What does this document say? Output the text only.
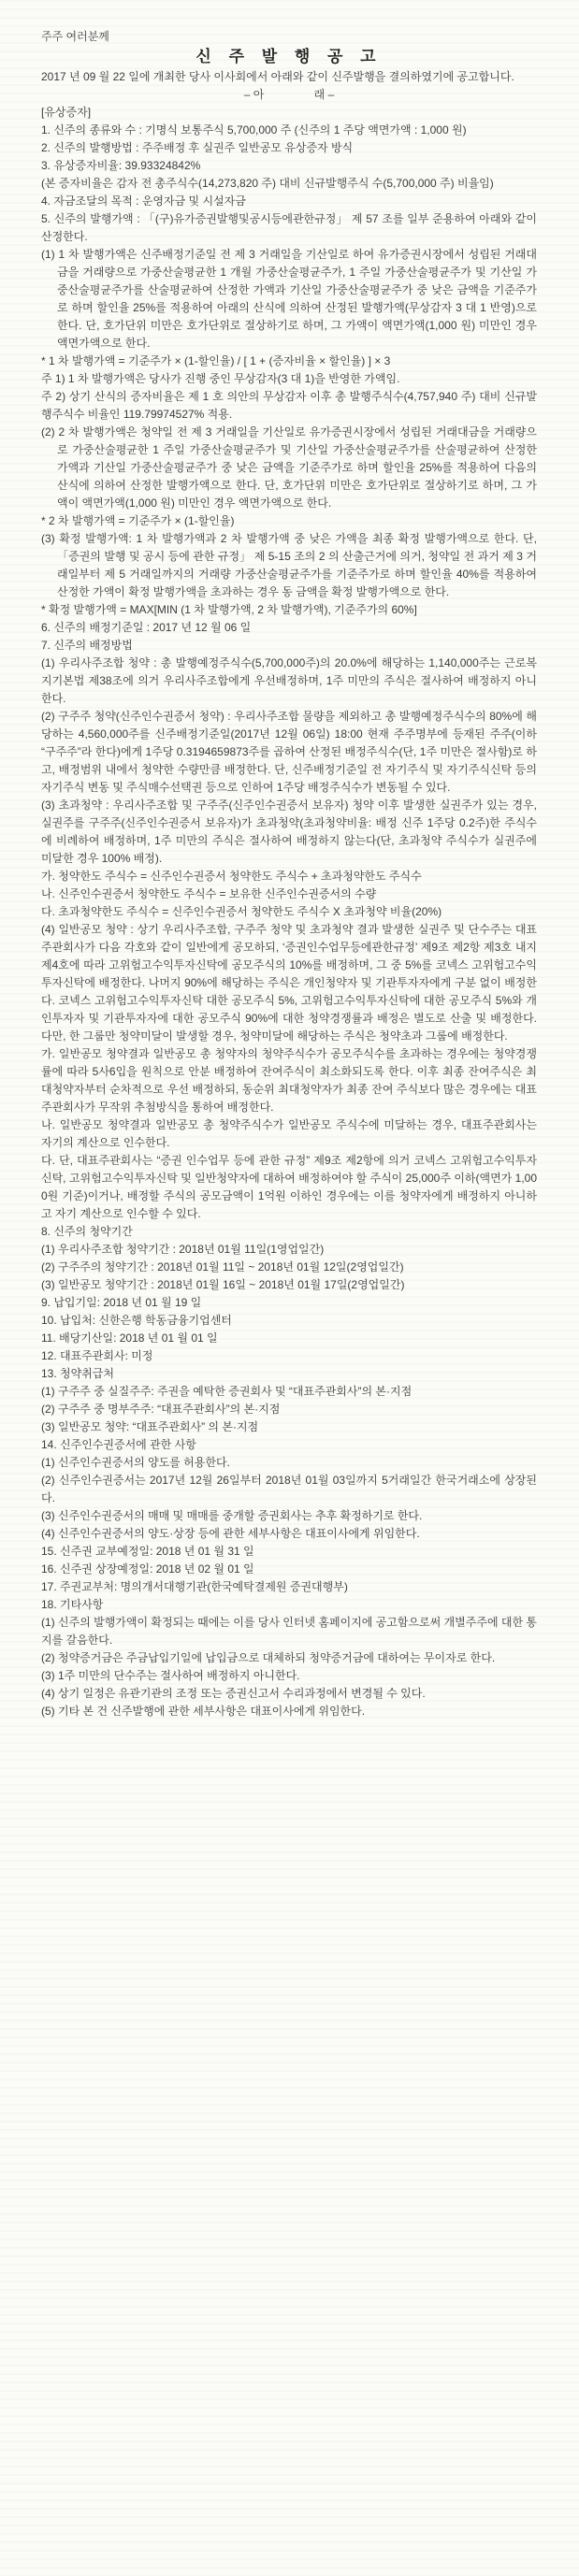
주주 여러분께

신 주 발 행 공 고

2017 년 09 월 22 일에 개최한 당사 이사회에서 아래와 같이 신주발행을 결의하였기에 공고합니다.

– 아                래 –

[유상증자]

1. 신주의 종류와 수 : 기명식 보통주식 5,700,000 주 (신주의 1 주당 액면가액 : 1,000 원)

2. 신주의 발행방법 : 주주배정 후 실권주 일반공모 유상증자 방식

3. 유상증자비율: 39.93324842%

(본 증자비율은 감자 전 총주식수(14,273,820 주) 대비 신규발행주식 수(5,700,000 주) 비율임)

4. 자금조달의 목적 : 운영자금 및 시설자금

5. 신주의 발행가액 : 「(구)유가증권발행및공시등에관한규정」 제 57 조를 일부 준용하여 아래와 같이 산정한다.

(1) 1 차 발행가액은 신주배정기준일 전 제 3 거래일을 기산일로 하여 유가증권시장에서 성립된 거래대금을 거래량으로 가중산술평균한 1 개월 가중산술평균주가, 1 주일 가중산술평균주가 및 기산일 가중산술평균주가를 산술평균하여 산정한 가액과 기산일 가중산술평균주가 중 낮은 금액을 기준주가로 하며 할인율 25%를 적용하여 아래의 산식에 의하여 산정된 발행가액(무상감자 3 대 1 반영)으로 한다. 단, 호가단위 미만은 호가단위로 절상하기로 하며, 그 가액이 액면가액(1,000 원) 미만인 경우 액면가액으로 한다.

* 1 차 발행가액 = 기준주가 × (1-할인율) / [ 1 + (증자비율 × 할인율) ] × 3

주 1) 1 차 발행가액은 당사가 진행 중인 무상감자(3 대 1)을 반영한 가액임.

주 2) 상기 산식의 증자비율은 제 1 호 의안의 무상감자 이후 총 발행주식수(4,757,940 주) 대비 신규발행주식수 비율인 119.79974527% 적용.

(2) 2 차 발행가액은 청약일 전 제 3 거래일을 기산일로 유가증권시장에서 성립된 거래대금을 거래량으로 가중산술평균한 1 주일 가중산술평균주가 및 기산일 가중산술평균주가를 산술평균하여 산정한 가액과 기산일 가중산술평균주가 중 낮은 금액을 기준주가로 하며 할인율 25%를 적용하여 다음의 산식에 의하여 산정한 발행가액으로 한다. 단, 호가단위 미만은 호가단위로 절상하기로 하며, 그 가액이 액면가액(1,000 원) 미만인 경우 액면가액으로 한다.

* 2 차 발행가액 = 기준주가 × (1-할인율)

(3) 확정 발행가액: 1 차 발행가액과 2 차 발행가액 중 낮은 가액을 최종 확정 발행가액으로 한다. 단, 「증권의 발행 및 공시 등에 관한 규정」 제 5-15 조의 2 의 산출근거에 의거, 청약일 전 과거 제 3 거래일부터 제 5 거래일까지의 거래량 가중산술평균주가를 기준주가로 하며 할인율 40%를 적용하여 산정한 가액이 확정 발행가액을 초과하는 경우 동 금액을 확정 발행가액으로 한다.

* 확정 발행가액 = MAX[MIN (1 차 발행가액, 2 차 발행가액), 기준주가의 60%]

6. 신주의 배정기준일 : 2017 년 12 월 06 일

7. 신주의 배정방법

(1) 우리사주조합 청약 : 총 발행예정주식수(5,700,000주)의 20.0%에 해당하는 1,140,000주는 근로복지기본법 제38조에 의거 우리사주조합에게 우선배정하며, 1주 미만의 주식은 절사하여 배정하지 아니한다.

(2) 구주주 청약(신주인수권증서 청약) : 우리사주조합 물량을 제외하고 총 발행예정주식수의 80%에 해당하는 4,560,000주를 신주배정기준일(2017년 12월 06일) 18:00 현재 주주명부에 등재된 주주(이하 “구주주”라 한다)에게 1주당 0.3194659873주를 곱하여 산정된 배정주식수(단, 1주 미만은 절사함)로 하고, 배정범위 내에서 청약한 수량만큼 배정한다. 단, 신주배정기준일 전 자기주식 및 자기주식신탁 등의 자기주식 변동 및 주식매수선택권 등으로 인하여 1주당 배정주식수가 변동될 수 있다.

(3) 초과청약 : 우리사주조합 및 구주주(신주인수권증서 보유자) 청약 이후 발생한 실권주가 있는 경우, 실권주를 구주주(신주인수권증서 보유자)가 초과청약(초과청약비율: 배정 신주 1주당 0.2주)한 주식수에 비례하여 배정하며, 1주 미만의 주식은 절사하여 배정하지 않는다(단, 초과청약 주식수가 실권주에 미달한 경우 100% 배정).

가. 청약한도 주식수 = 신주인수권증서 청약한도 주식수 + 초과청약한도 주식수

나. 신주인수권증서 청약한도 주식수 = 보유한 신주인수권증서의 수량

다. 초과청약한도 주식수 = 신주인수권증서 청약한도 주식수 X 초과청약 비율(20%)

(4) 일반공모 청약 : 상기 우리사주조합, 구주주 청약 및 초과청약 결과 발생한 실권주 및 단수주는 대표주관회사가 다음 각호와 같이 일반에게 공모하되, ‘증권인수업무등에관한규정’ 제9조 제2항 제3호 내지 제4호에 따라 고위험고수익투자신탁에 공모주식의 10%를 배정하며, 그 중 5%를 코넥스 고위험고수익투자신탁에 배정한다. 나머지 90%에 해당하는 주식은 개인청약자 및 기관투자자에게 구분 없이 배정한다. 코넥스 고위험고수익투자신탁 대한 공모주식 5%, 고위험고수익투자신탁에 대한 공모주식 5%와 개인투자자 및 기관투자자에 대한 공모주식 90%에 대한 청약경쟁률과 배정은 별도로 산출 및 배정한다. 다만, 한 그룹만 청약미달이 발생할 경우, 청약미달에 해당하는 주식은 청약초과 그룹에 배정한다.

가. 일반공모 청약결과 일반공모 총 청약자의 청약주식수가 공모주식수를 초과하는 경우에는 청약경쟁률에 따라 5사6입을 원칙으로 안분 배정하여 잔여주식이 최소화되도록 한다. 이후 최종 잔여주식은 최대청약자부터 순차적으로 우선 배정하되, 동순위 최대청약자가 최종 잔여 주식보다 많은 경우에는 대표주관회사가 무작위 추첨방식을 통하여 배정한다.

나. 일반공모 청약결과 일반공모 총 청약주식수가 일반공모 주식수에 미달하는 경우, 대표주관회사는 자기의 계산으로 인수한다.

다. 단, 대표주관회사는 “증권 인수업무 등에 관한 규정” 제9조 제2항에 의거 코넥스 고위험고수익투자신탁, 고위험고수익투자신탁 및 일반청약자에 대하여 배정하여야 할 주식이 25,000주 이하(액면가 1,000원 기준)이거나, 배정할 주식의 공모금액이 1억원 이하인 경우에는 이를 청약자에게 배정하지 아니하고 자기 계산으로 인수할 수 있다.

8. 신주의 청약기간

(1) 우리사주조합 청약기간 : 2018년 01월 11일(1영업일간)

(2) 구주주의 청약기간 : 2018년 01월 11일 ~ 2018년 01월 12일(2영업일간)

(3) 일반공모 청약기간 : 2018년 01월 16일 ~ 2018년 01월 17일(2영업일간)

9. 납입기일: 2018 년 01 월 19 일

10. 납입처: 신한은행 학동금융기업센터

11. 배당기산일: 2018 년 01 월 01 일

12. 대표주관회사: 미정

13. 청약취급처

(1) 구주주 중 실질주주: 주권을 예탁한 증권회사 및 “대표주관회사”의 본·지점

(2) 구주주 중 명부주주: “대표주관회사”의 본·지점

(3) 일반공모 청약: “대표주관회사” 의 본·지점

14. 신주인수권증서에 관한 사항

(1) 신주인수권증서의 양도를 허용한다.

(2) 신주인수권증서는 2017년 12월 26일부터 2018년 01월 03일까지 5거래일간 한국거래소에 상장된다.

(3) 신주인수권증서의 매매 및 매매를 중개할 증권회사는 추후 확정하기로 한다.

(4) 신주인수권증서의 양도·상장 등에 관한 세부사항은 대표이사에게 위임한다.

15. 신주권 교부예정일: 2018 년 01 월 31 일

16. 신주권 상장예정일: 2018 년 02 월 01 일

17. 주권교부처: 명의개서대행기관(한국예탁결제원 증권대행부)

18. 기타사항

(1) 신주의 발행가액이 확정되는 때에는 이를 당사 인터넷 홈페이지에 공고함으로써 개별주주에 대한 통지를 갈음한다.

(2) 청약증거금은 주금납입기일에 납입금으로 대체하되 청약증거금에 대하여는 무이자로 한다.

(3) 1주 미만의 단수주는 절사하여 배정하지 아니한다.

(4) 상기 일정은 유관기관의 조정 또는 증권신고서 수리과정에서 변경될 수 있다.

(5) 기타 본 건 신주발행에 관한 세부사항은 대표이사에게 위임한다.
